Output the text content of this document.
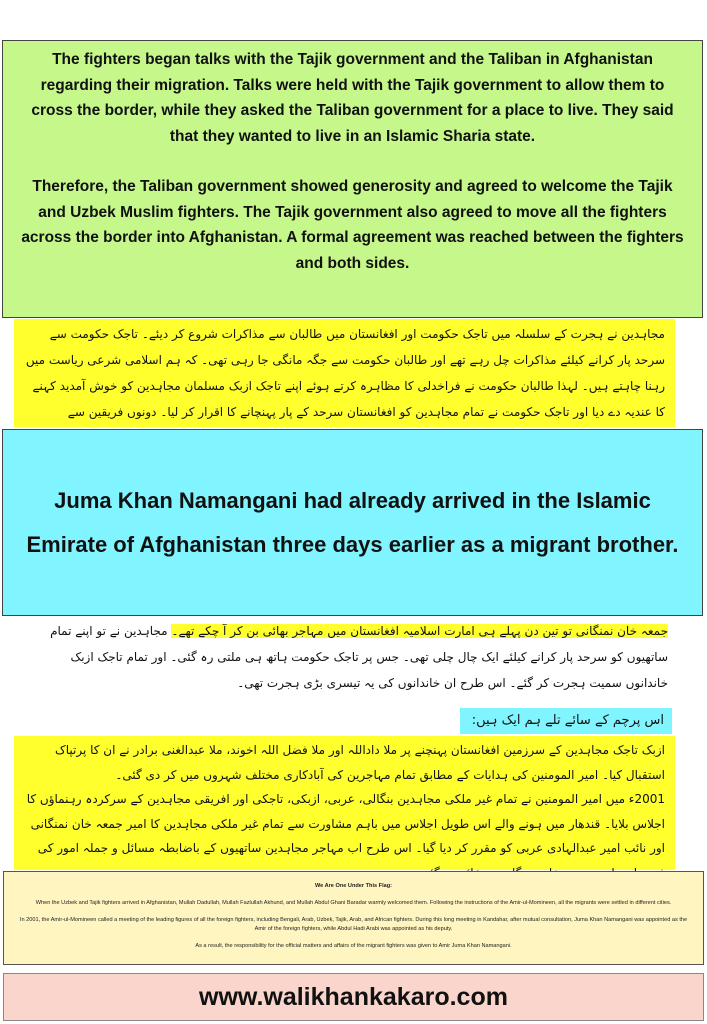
The fighters began talks with the Tajik government and the Taliban in Afghanistan regarding their migration. Talks were held with the Tajik government to allow them to cross the border, while they asked the Taliban government for a place to live. They said that they wanted to live in an Islamic Sharia state.

Therefore, the Taliban government showed generosity and agreed to welcome the Tajik and Uzbek Muslim fighters. The Tajik government also agreed to move all the fighters across the border into Afghanistan. A formal agreement was reached between the fighters and both sides.

مجاہدین نے ہجرت کے سلسلہ میں تاجک حکومت اور افغانستان میں طالبان سے مذاکرات شروع کر دیئے۔ تاجک حکومت سے سرحد پار کرانے کیلئے مذاکرات چل رہے تھے اور طالبان حکومت سے جگہ مانگی جا رہی تھی۔ کہ ہم اسلامی شرعی ریاست میں رہنا چاہتے ہیں۔ لہذا طالبان حکومت نے فراخدلی کا مظاہرہ کرتے ہوئے اپنے تاجک ازبک مسلمان مجاہدین کو خوش آمدید کہنے کا عندیہ دے دیا اور تاجک حکومت نے تمام مجاہدین کو افغانستان سرحد کے پار پہنچانے کا اقرار کر لیا۔ دونوں فریقین سے

Juma Khan Namangani had already arrived in the Islamic Emirate of Afghanistan three days earlier as a migrant brother.

جمعہ خان نمنگانی تو تین دن پہلے ہی امارت اسلامیہ افغانستان میں مہاجر بھائی بن کر آ چکے تھے۔ مجاہدین نے تو اپنے تمام ساتھیوں کو سرحد پار کرانے کیلئے ایک چال چلی تھی۔ جس پر تاجک حکومت ہاتھ ہی ملتی رہ گئی۔ اور تمام تاجک ازبک خاندانوں سمیت ہجرت کر گئے۔ اس طرح ان خاندانوں کی یہ تیسری بڑی ہجرت تھی۔

اس پرچم کے سائے تلے ہم ایک ہیں:

ازبک تاجک مجاہدین کے سرزمین افغانستان پہنچنے پر ملا داداللہ اور ملا فضل اللہ اخوند، ملا عبدالغنی برادر نے ان کا پرتپاک استقبال کیا۔ امیر المومنین کی ہدایات کے مطابق تمام مہاجرین کی آبادکاری مختلف شہروں میں کر دی گئی۔

2001ء میں امیر المومنین نے تمام غیر ملکی مجاہدین بنگالی، عربی، ازبکی، تاجکی اور افریقی مجاہدین کے سرکردہ رہنماؤں کا اجلاس بلایا۔ قندھار میں ہونے والے اس طویل اجلاس میں باہم مشاورت سے تمام غیر ملکی مجاہدین کا امیر جمعہ خان نمنگانی اور نائب امیر عبدالہادی عربی کو مقرر کر دیا گیا۔ اس طرح اب مہاجر مجاہدین ساتھیوں کے باضابطہ مسائل و جملہ امور کی

We Are One Under This Flag:

When the Uzbek and Tajik fighters arrived in Afghanistan, Mullah Dadullah, Mullah Fazlullah Akhund, and Mullah Abdul Ghani Baradar warmly welcomed them. Following the instructions of the Amir-ul-Momineen, all the migrants were settled in different cities.

In 2001, the Amir-ul-Momineen called a meeting of the leading figures of all the foreign fighters, including Bengali, Arab, Uzbek, Tajik, Arab, and African fighters. During this long meeting in Kandahar, after mutual consultation, Juma Khan Namangani was appointed as the Amir of the foreign fighters, while Abdul Hadi Arabi was appointed as his deputy.

As a result, the responsibility for the official matters and affairs of the migrant fighters was given to Amir Juma Khan Namangani.

www.walikhankakaro.com
